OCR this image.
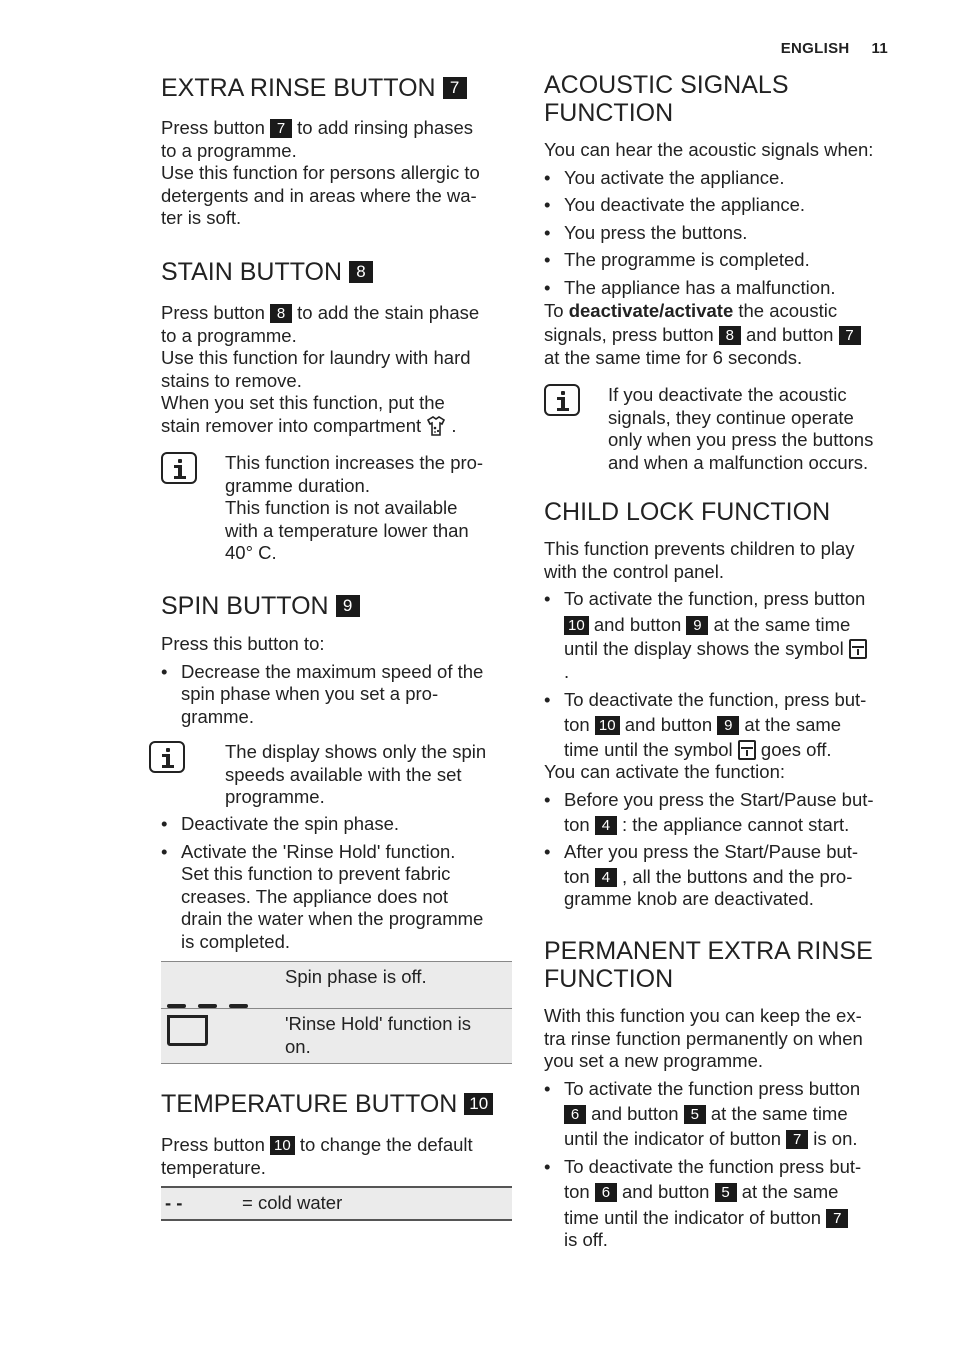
ENGLISH 11
EXTRA RINSE BUTTON 7

Press button 7 to add rinsing phases

to a programme.

Use this function for persons allergic to

detergents and in areas where the wa-

ter is soft.

STAIN BUTTON 8

Press button 8 to add the stain phase

to a programme.

Use this function for laundry with hard

stains to remove.

When you set this function, put the

stain remover into compartment .

This function increases the pro-

gramme duration.

This function is not available

with a temperature lower than

40° C.

SPIN BUTTON 9

Press this button to:

• Decrease the maximum speed of the

spin phase when you set a pro-

gramme.

The display shows only the spin

speeds available with the set

programme.

• Deactivate the spin phase.

• Activate the 'Rinse Hold' function.

Set this function to prevent fabric

creases. The appliance does not

drain the water when the programme

is completed.

Spin phase is off.

'Rinse Hold' function is

on.

TEMPERATURE BUTTON 10

Press button 10 to change the default

temperature.

- -	= cold water
ACOUSTIC SIGNALS
FUNCTION

You can hear the acoustic signals when:

• You activate the appliance.
• You deactivate the appliance.
• You press the buttons.
• The programme is completed.
• The appliance has a malfunction.

To deactivate/activate the acoustic

signals, press button 8 and button 7

at the same time for 6 seconds.

If you deactivate the acoustic

signals, they continue operate

only when you press the buttons

and when a malfunction occurs.

CHILD LOCK FUNCTION

This function prevents children to play

with the control panel.

• To activate the function, press button

10 and button 9 at the same time

until the display shows the symbol

.

• To deactivate the function, press but-

ton 10 and button 9 at the same

time until the symbol goes off.

You can activate the function:

• Before you press the Start/Pause but-

ton 4 : the appliance cannot start.

• After you press the Start/Pause but-

ton 4 , all the buttons and the pro-

gramme knob are deactivated.

PERMANENT EXTRA RINSE
FUNCTION

With this function you can keep the ex-

tra rinse function permanently on when

you set a new programme.

• To activate the function press button

6 and button 5 at the same time

until the indicator of button 7 is on.

• To deactivate the function press but-

ton 6 and button 5 at the same

time until the indicator of button 7

is off.
